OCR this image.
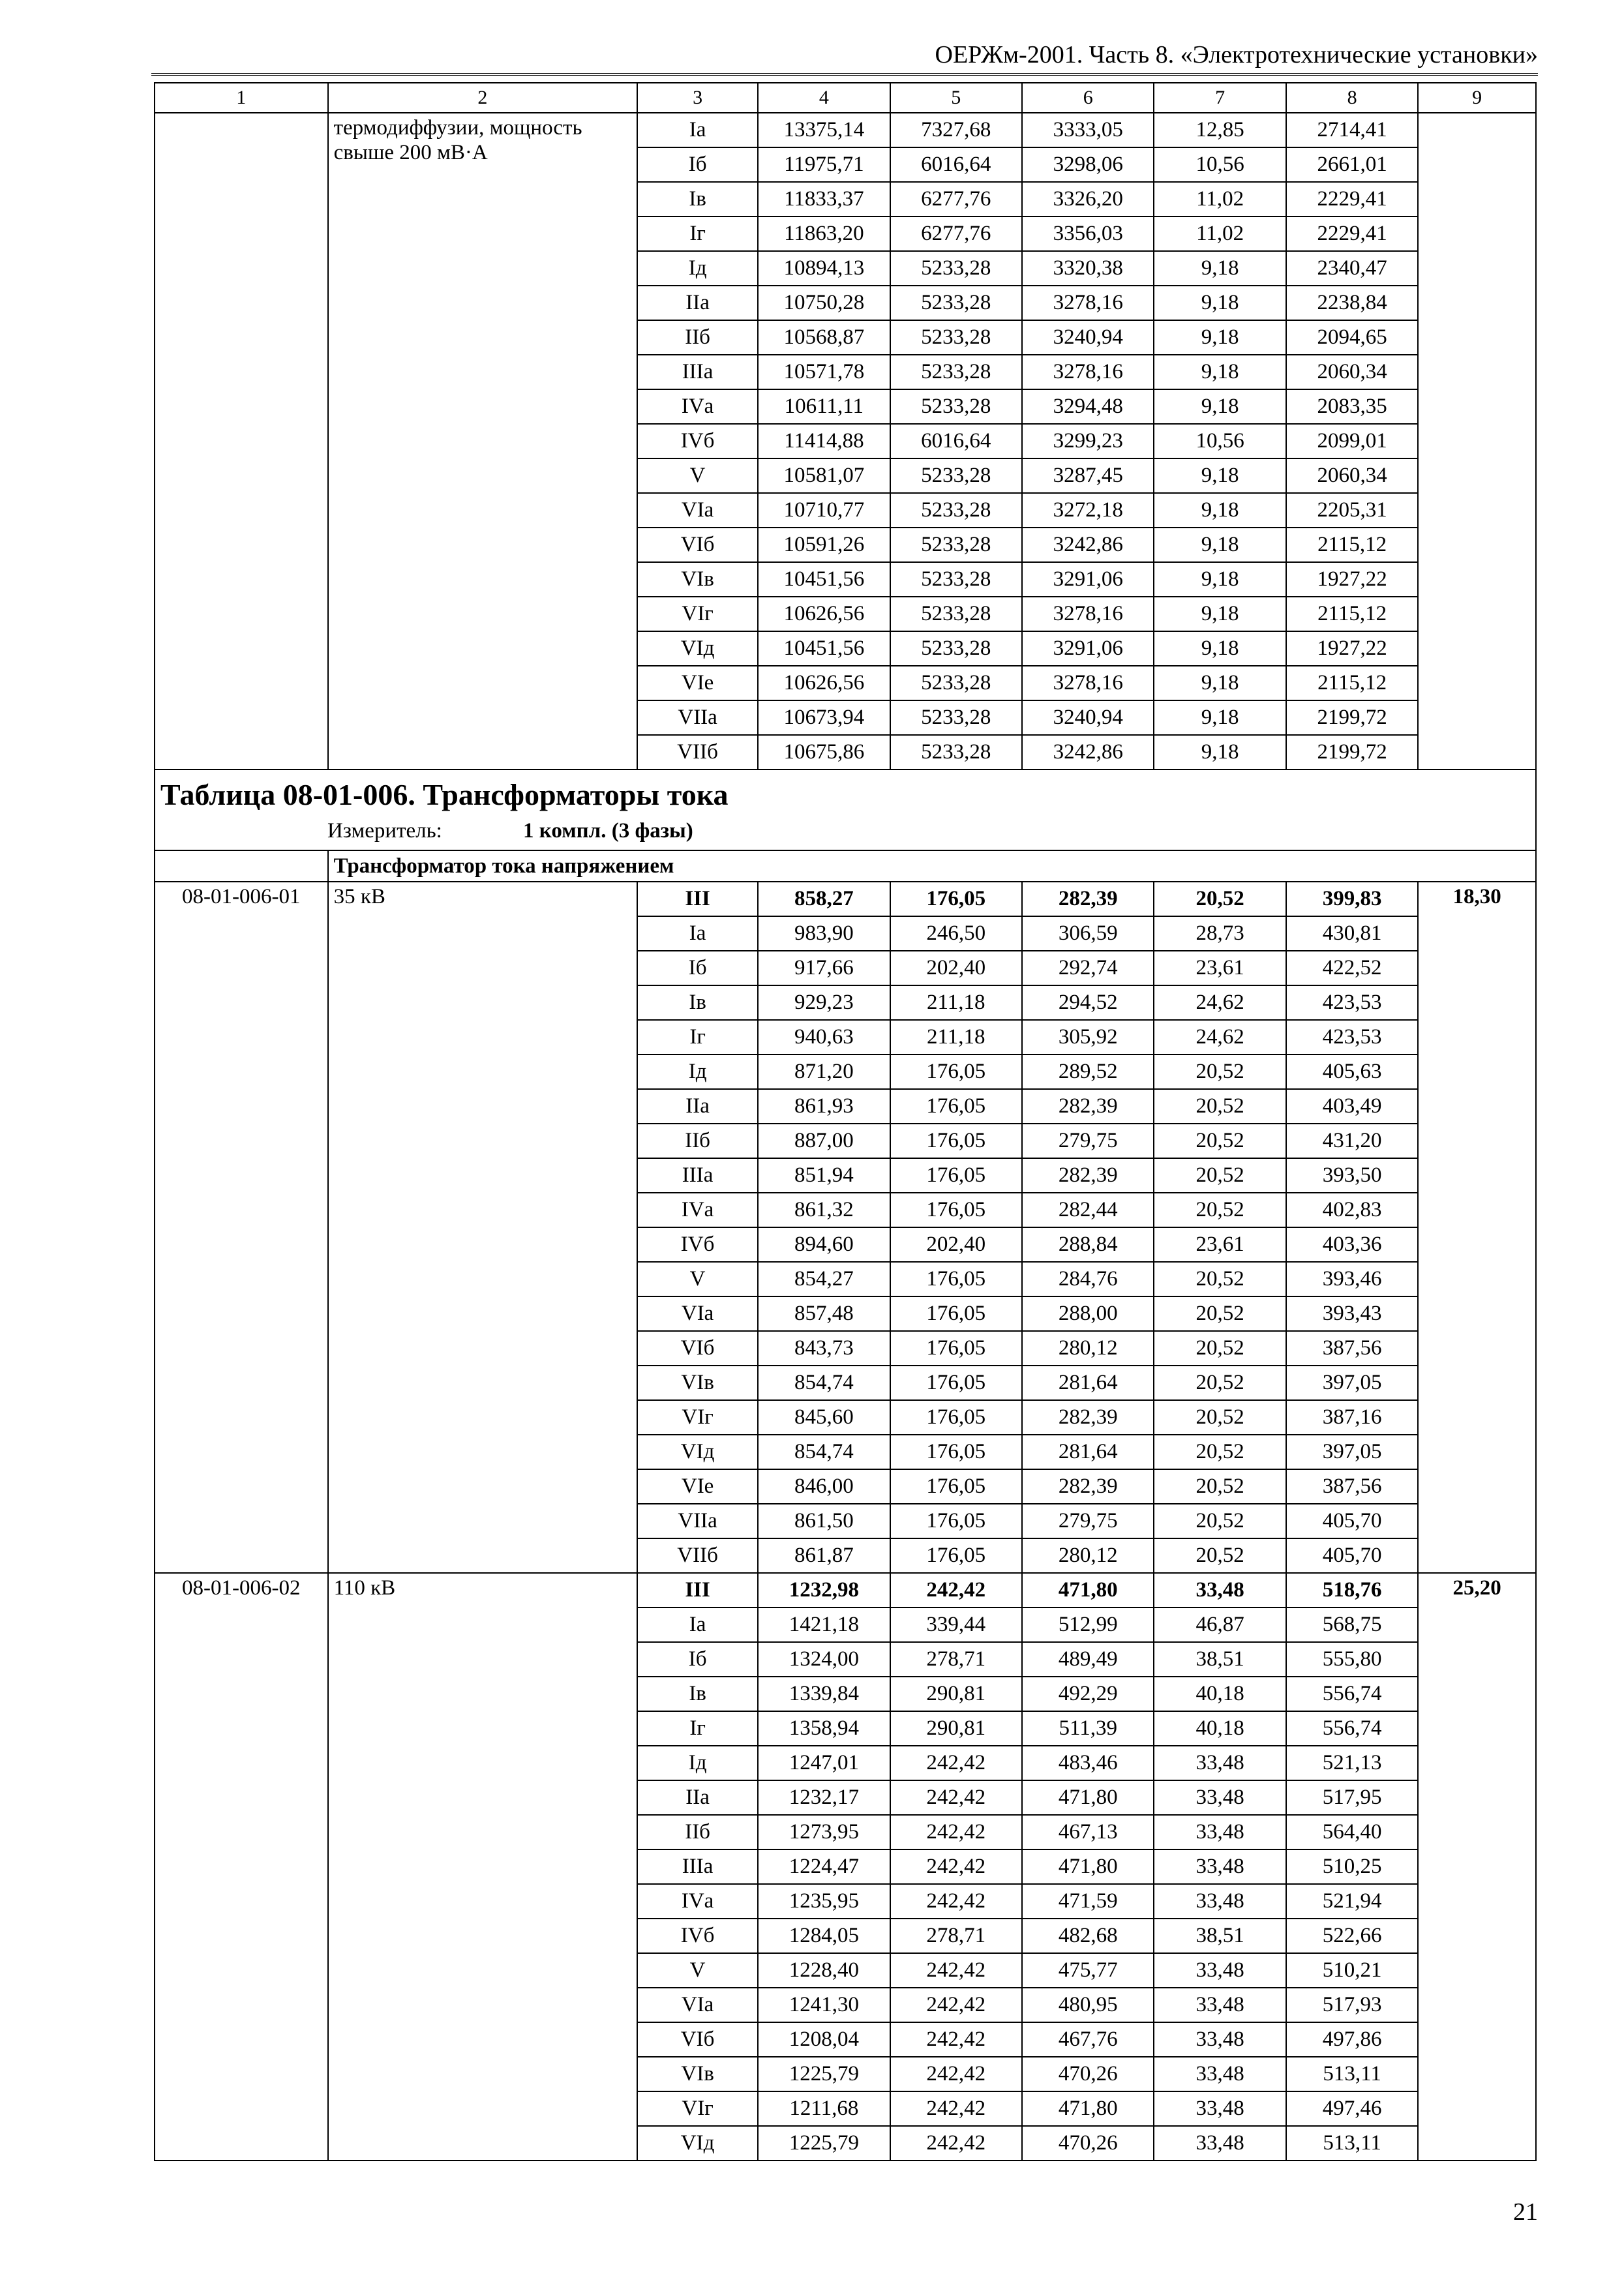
ОЕРЖм-2001. Часть 8. «Электротехнические установки»
1	2	3	4	5	6	7	8	9
	термодиффузии, мощность свыше 200 мВ·А	Iа	13375,14	7327,68	3333,05	12,85	2714,41	
		Iб	11975,71	6016,64	3298,06	10,56	2661,01	
		Iв	11833,37	6277,76	3326,20	11,02	2229,41	
		Iг	11863,20	6277,76	3356,03	11,02	2229,41	
		Iд	10894,13	5233,28	3320,38	9,18	2340,47	
		IIа	10750,28	5233,28	3278,16	9,18	2238,84	
		IIб	10568,87	5233,28	3240,94	9,18	2094,65	
		IIIа	10571,78	5233,28	3278,16	9,18	2060,34	
		IVа	10611,11	5233,28	3294,48	9,18	2083,35	
		IVб	11414,88	6016,64	3299,23	10,56	2099,01	
		V	10581,07	5233,28	3287,45	9,18	2060,34	
		VIа	10710,77	5233,28	3272,18	9,18	2205,31	
		VIб	10591,26	5233,28	3242,86	9,18	2115,12	
		VIв	10451,56	5233,28	3291,06	9,18	1927,22	
		VIг	10626,56	5233,28	3278,16	9,18	2115,12	
		VIд	10451,56	5233,28	3291,06	9,18	1927,22	
		VIе	10626,56	5233,28	3278,16	9,18	2115,12	
		VIIа	10673,94	5233,28	3240,94	9,18	2199,72	
		VIIб	10675,86	5233,28	3242,86	9,18	2199,72	

Таблица 08-01-006. Трансформаторы тока
Измеритель: 1 компл. (3 фазы)								

	Трансформатор тока напряжением							
08-01-006-01	35 кВ	III	858,27	176,05	282,39	20,52	399,83	18,30
		Iа	983,90	246,50	306,59	28,73	430,81	
		Iб	917,66	202,40	292,74	23,61	422,52	
		Iв	929,23	211,18	294,52	24,62	423,53	
		Iг	940,63	211,18	305,92	24,62	423,53	
		Iд	871,20	176,05	289,52	20,52	405,63	
		IIа	861,93	176,05	282,39	20,52	403,49	
		IIб	887,00	176,05	279,75	20,52	431,20	
		IIIа	851,94	176,05	282,39	20,52	393,50	
		IVа	861,32	176,05	282,44	20,52	402,83	
		IVб	894,60	202,40	288,84	23,61	403,36	
		V	854,27	176,05	284,76	20,52	393,46	
		VIа	857,48	176,05	288,00	20,52	393,43	
		VIб	843,73	176,05	280,12	20,52	387,56	
		VIв	854,74	176,05	281,64	20,52	397,05	
		VIг	845,60	176,05	282,39	20,52	387,16	
		VIд	854,74	176,05	281,64	20,52	397,05	
		VIе	846,00	176,05	282,39	20,52	387,56	
		VIIа	861,50	176,05	279,75	20,52	405,70	
		VIIб	861,87	176,05	280,12	20,52	405,70	
08-01-006-02	110 кВ	III	1232,98	242,42	471,80	33,48	518,76	25,20
		Iа	1421,18	339,44	512,99	46,87	568,75	
		Iб	1324,00	278,71	489,49	38,51	555,80	
		Iв	1339,84	290,81	492,29	40,18	556,74	
		Iг	1358,94	290,81	511,39	40,18	556,74	
		Iд	1247,01	242,42	483,46	33,48	521,13	
		IIа	1232,17	242,42	471,80	33,48	517,95	
		IIб	1273,95	242,42	467,13	33,48	564,40	
		IIIа	1224,47	242,42	471,80	33,48	510,25	
		IVа	1235,95	242,42	471,59	33,48	521,94	
		IVб	1284,05	278,71	482,68	38,51	522,66	
		V	1228,40	242,42	475,77	33,48	510,21	
		VIа	1241,30	242,42	480,95	33,48	517,93	
		VIб	1208,04	242,42	467,76	33,48	497,86	
		VIв	1225,79	242,42	470,26	33,48	513,11	
		VIг	1211,68	242,42	471,80	33,48	497,46	
		VIд	1225,79	242,42	470,26	33,48	513,11	
21
